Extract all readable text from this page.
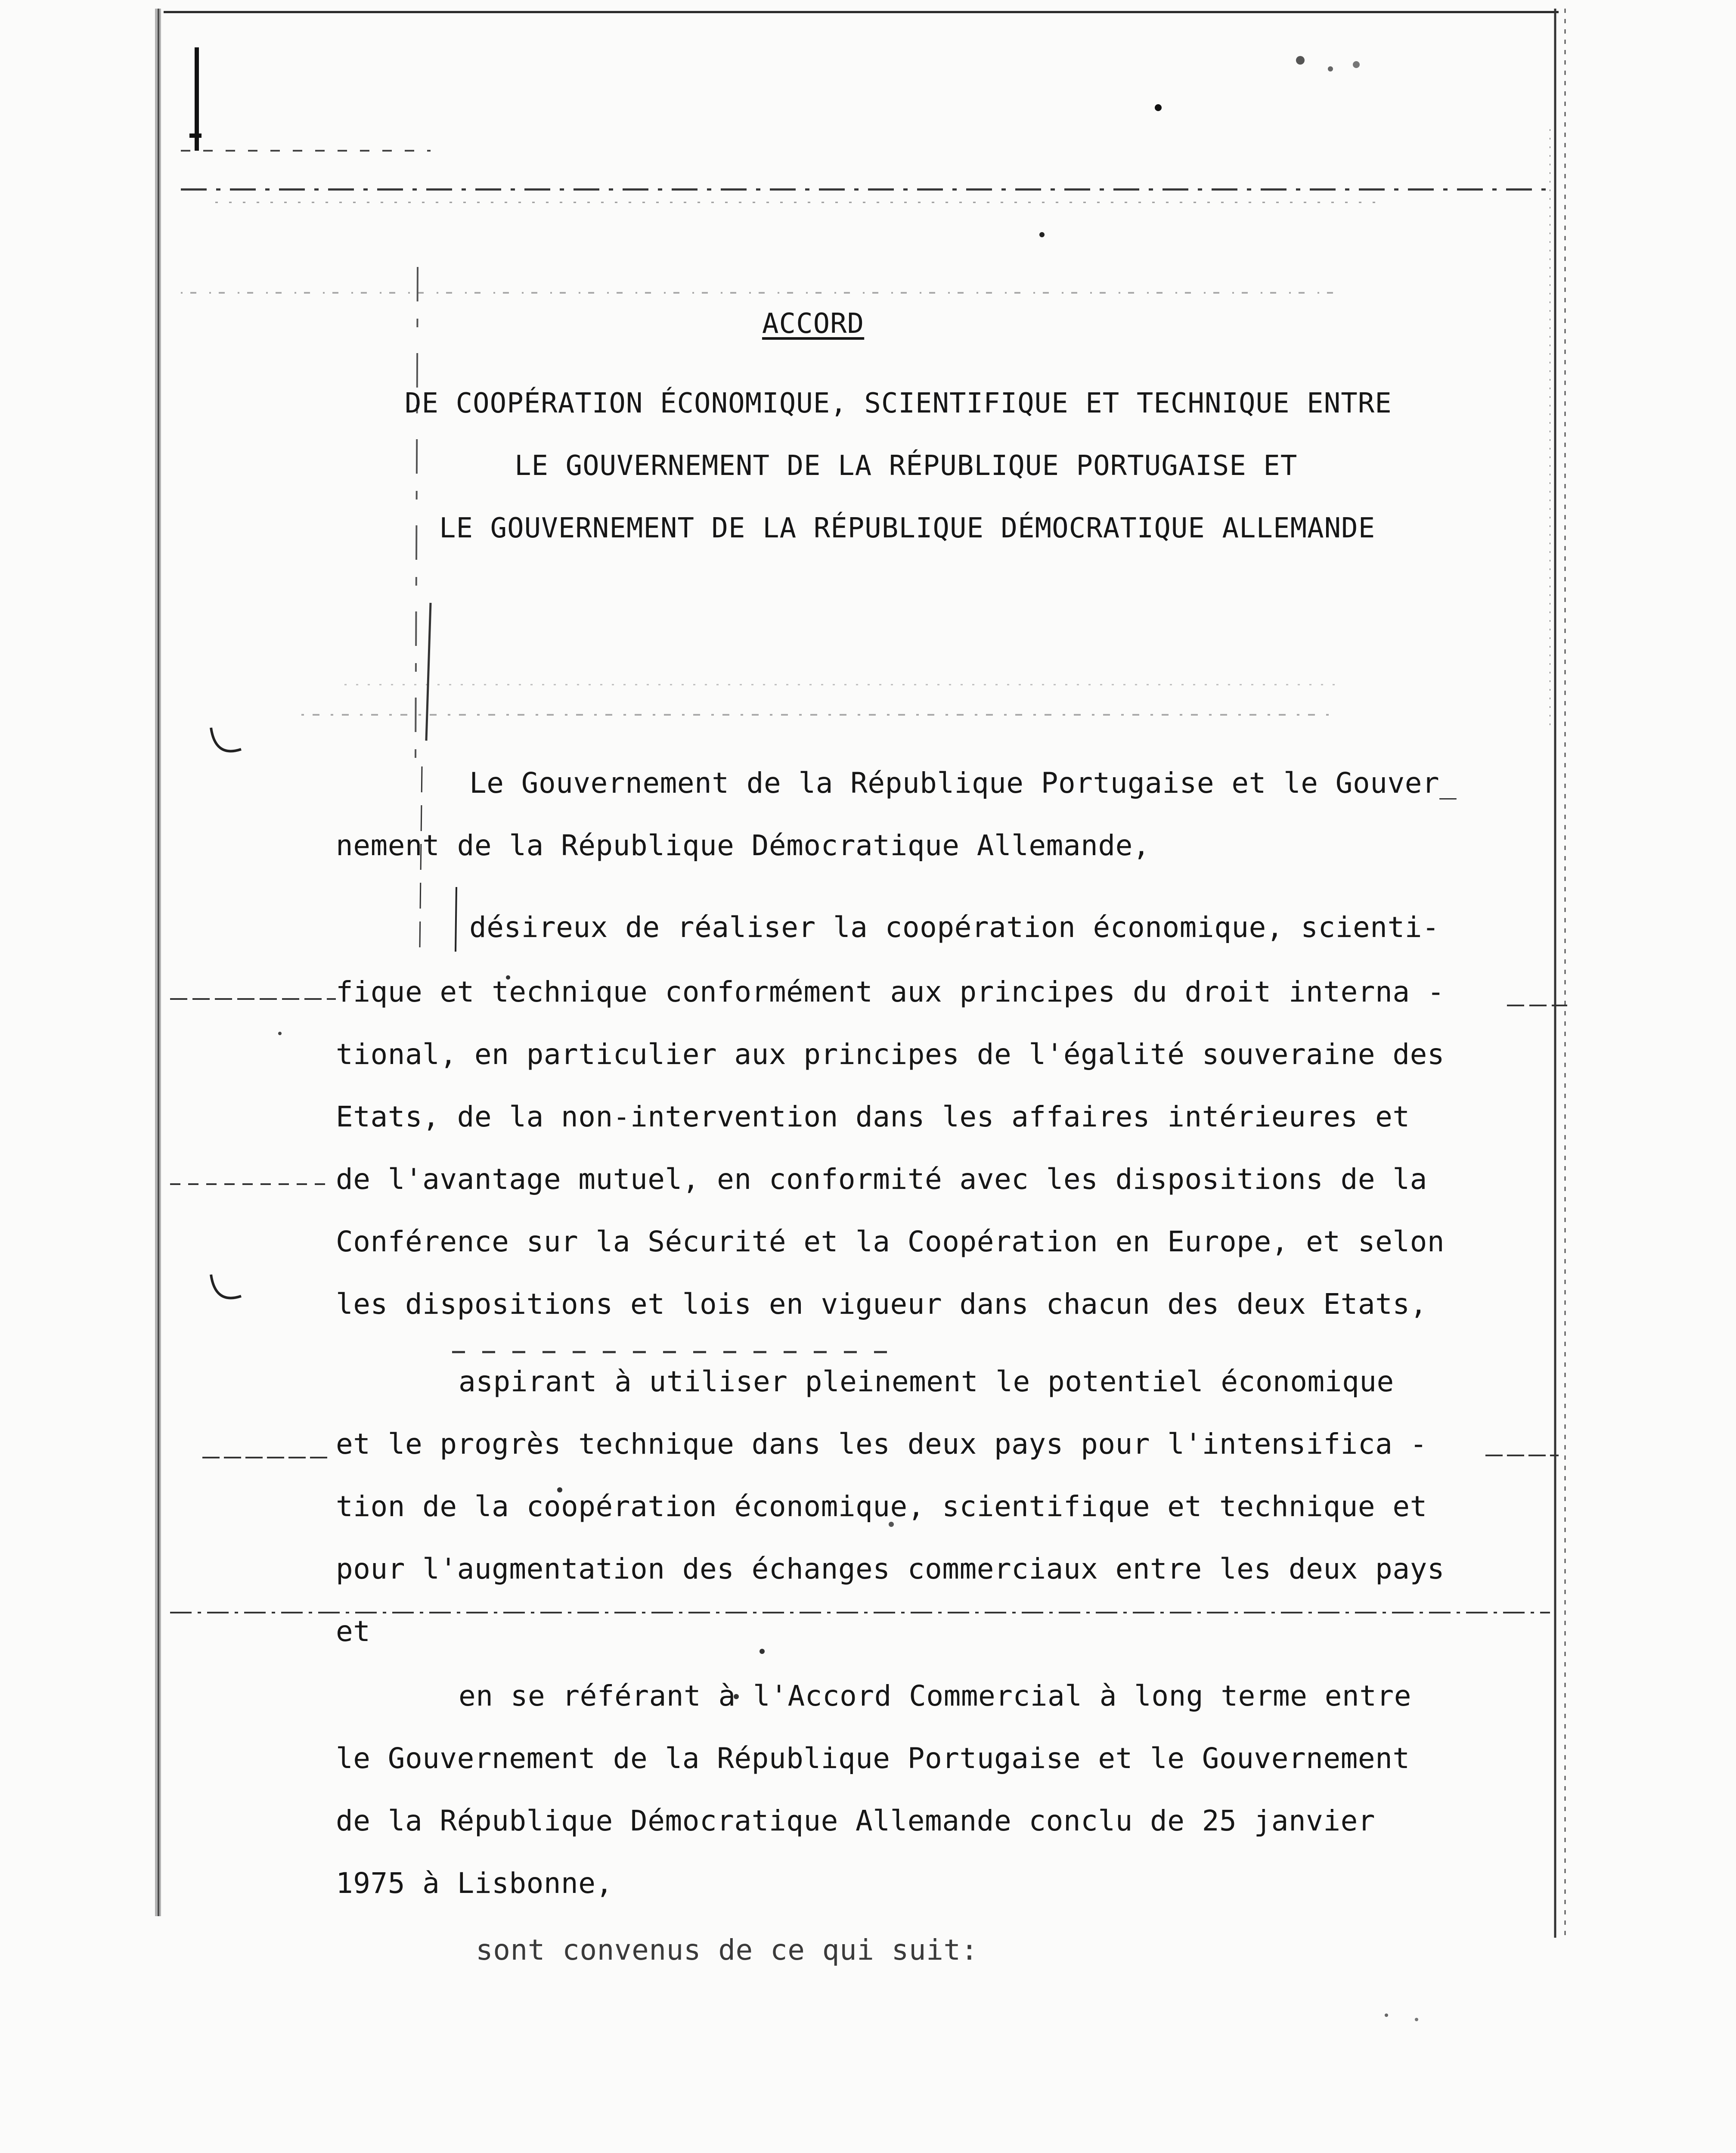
ACCORD
DE COOPÉRATION ÉCONOMIQUE, SCIENTIFIQUE ET TECHNIQUE ENTRE
LE GOUVERNEMENT DE LA RÉPUBLIQUE PORTUGAISE ET
LE GOUVERNEMENT DE LA RÉPUBLIQUE DÉMOCRATIQUE ALLEMANDE
Le Gouvernement de la République Portugaise et le Gouver_
nement de la République Démocratique Allemande,
désireux de réaliser la coopération économique, scienti-
fique et technique conformément aux principes du droit interna -
tional, en particulier aux principes de l'égalité souveraine des
Etats, de la non-intervention dans les affaires intérieures et
de l'avantage mutuel, en conformité avec les dispositions de la
Conférence sur la Sécurité et la Coopération en Europe, et selon
les dispositions et lois en vigueur dans chacun des deux Etats,
aspirant à utiliser pleinement le potentiel économique
et le progrès technique dans les deux pays pour l'intensifica -
tion de la coopération économique, scientifique et technique et
pour l'augmentation des échanges commerciaux entre les deux pays
et
en se référant à l'Accord Commercial à long terme entre
le Gouvernement de la République Portugaise et le Gouvernement
de la République Démocratique Allemande conclu de 25 janvier
1975 à Lisbonne,
sont convenus de ce qui suit:
